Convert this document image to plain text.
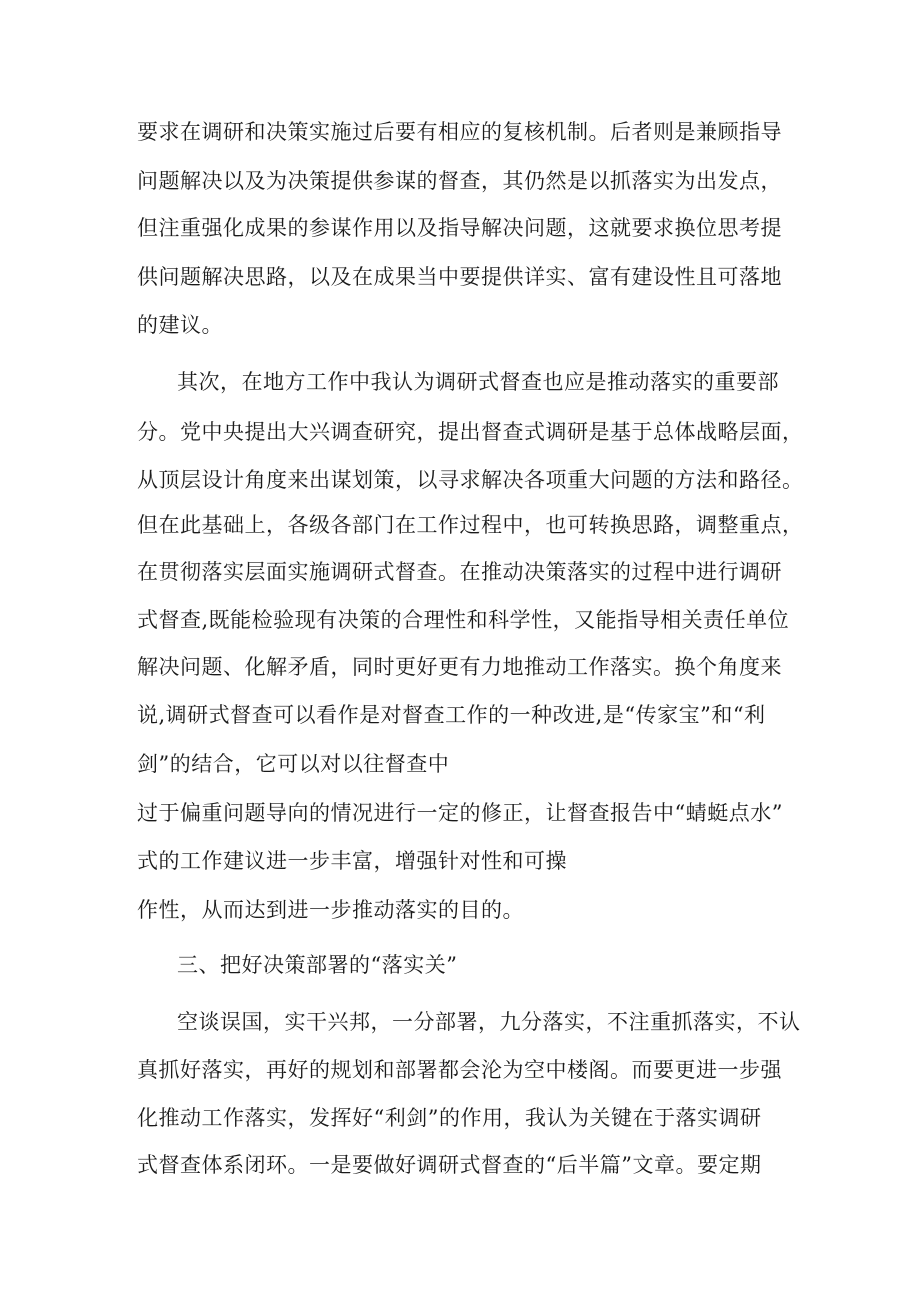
要求在调研和决策实施过后要有相应的复核机制。后者则是兼顾指导
问题解决以及为决策提供参谋的督查，其仍然是以抓落实为出发点，
但注重强化成果的参谋作用以及指导解决问题，这就要求换位思考提
供问题解决思路，以及在成果当中要提供详实、富有建设性且可落地
的建议。
其次，在地方工作中我认为调研式督查也应是推动落实的重要部
分。党中央提出大兴调查研究，提出督查式调研是基于总体战略层面，
从顶层设计角度来出谋划策，以寻求解决各项重大问题的方法和路径。
但在此基础上，各级各部门在工作过程中，也可转换思路，调整重点，
在贯彻落实层面实施调研式督查。在推动决策落实的过程中进行调研
式督查,既能检验现有决策的合理性和科学性，又能指导相关责任单位
解决问题、化解矛盾，同时更好更有力地推动工作落实。换个角度来
说,调研式督查可以看作是对督查工作的一种改进,是“传家宝”和“利
剑”的结合，它可以对以往督查中
过于偏重问题导向的情况进行一定的修正，让督查报告中“蜻蜓点水”
式的工作建议进一步丰富，增强针对性和可操
作性，从而达到进一步推动落实的目的。
三、把好决策部署的“落实关”
空谈误国，实干兴邦，一分部署，九分落实，不注重抓落实，不认
真抓好落实，再好的规划和部署都会沦为空中楼阁。而要更进一步强
化推动工作落实，发挥好“利剑”的作用，我认为关键在于落实调研
式督查体系闭环。一是要做好调研式督查的“后半篇”文章。要定期
